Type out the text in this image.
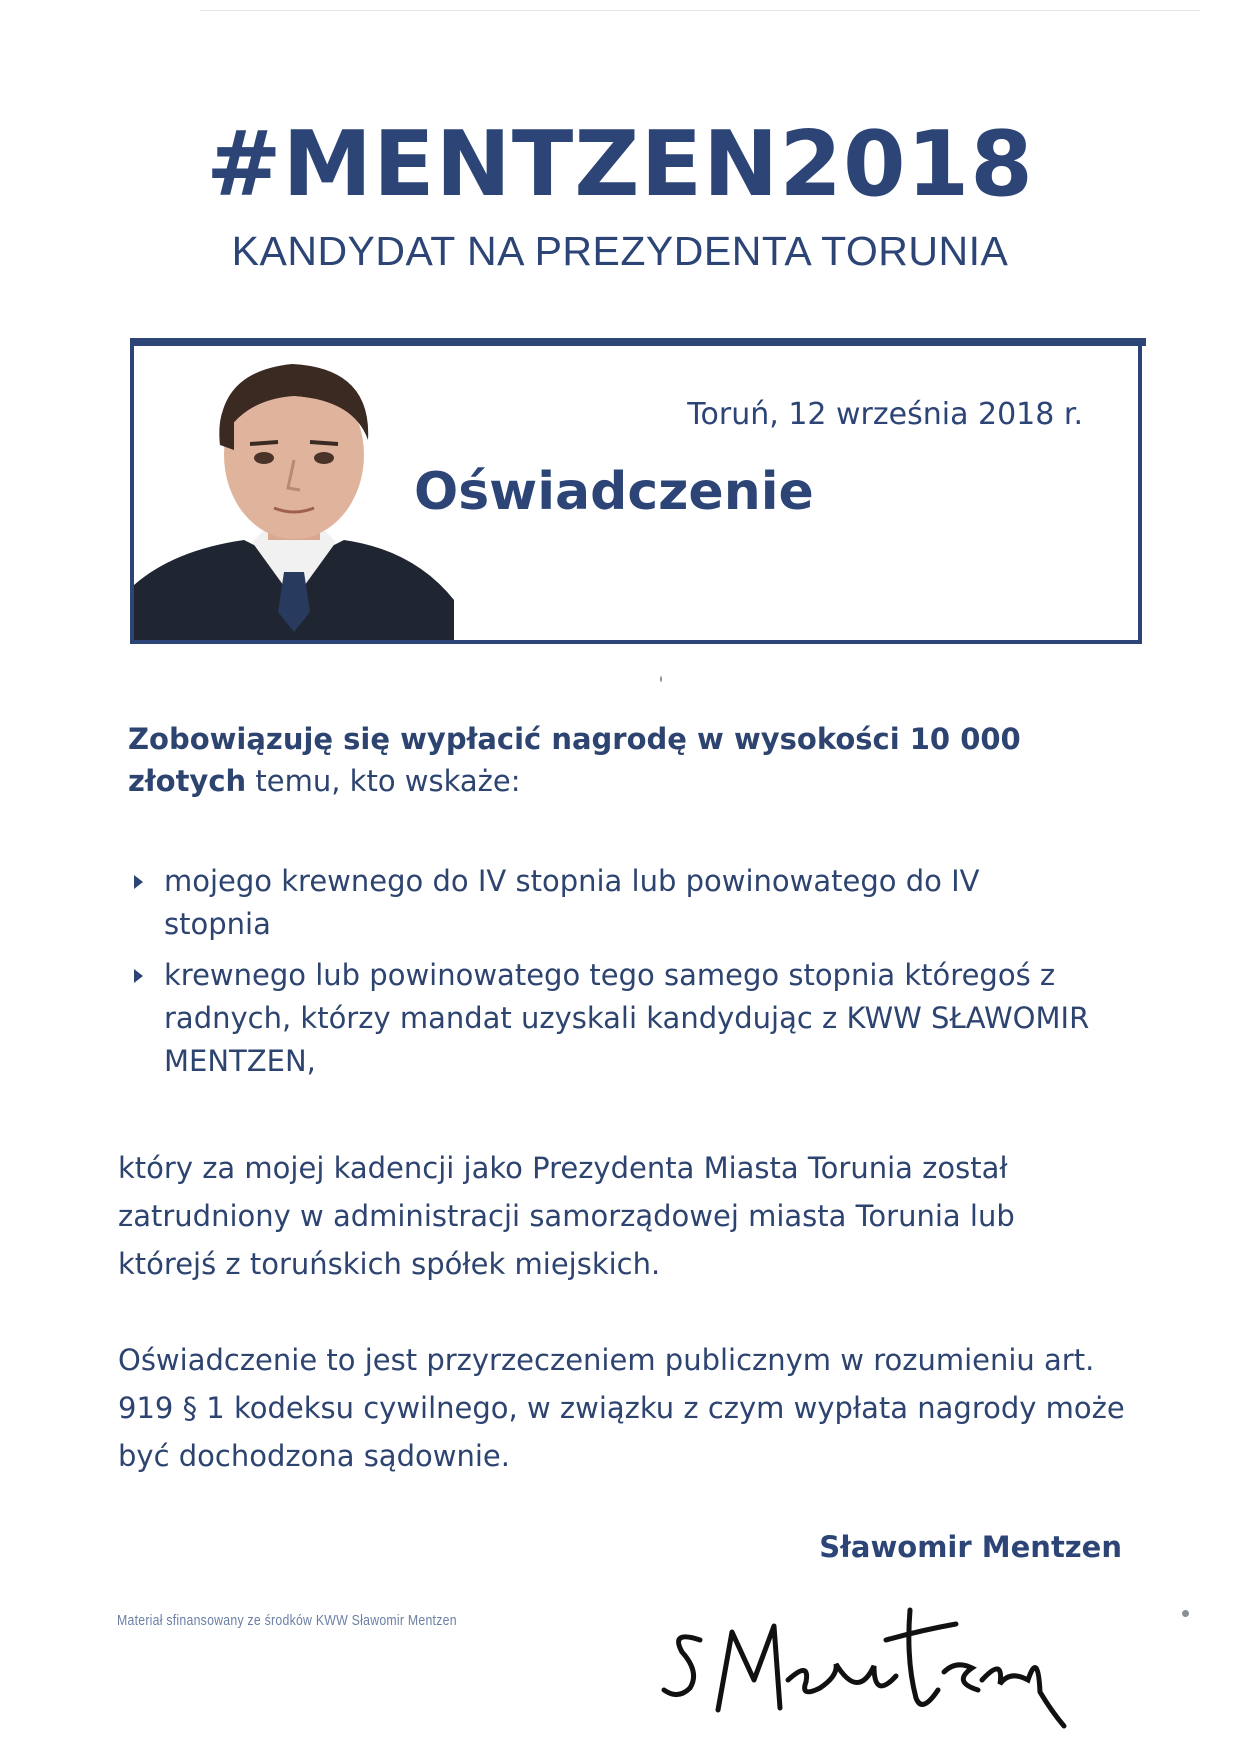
#MENTZEN2018
KANDYDAT NA PREZYDENTA TORUNIA
Toruń, 12 września 2018 r.
Oświadczenie
Zobowiązuję się wypłacić nagrodę w wysokości 10 000 złotych temu, kto wskaże:
mojego krewnego do IV stopnia lub powinowatego do IV stopnia
krewnego lub powinowatego tego samego stopnia któregoś z radnych, którzy mandat uzyskali kandydując z KWW SŁAWOMIR MENTZEN,
który za mojej kadencji jako Prezydenta Miasta Torunia został zatrudniony w administracji samorządowej miasta Torunia lub którejś z toruńskich spółek miejskich.
Oświadczenie to jest przyrzeczeniem publicznym w rozumieniu art. 919 § 1 kodeksu cywilnego, w związku z czym wypłata nagrody może być dochodzona sądownie.
Sławomir Mentzen
Materiał sfinansowany ze środków KWW Sławomir Mentzen
